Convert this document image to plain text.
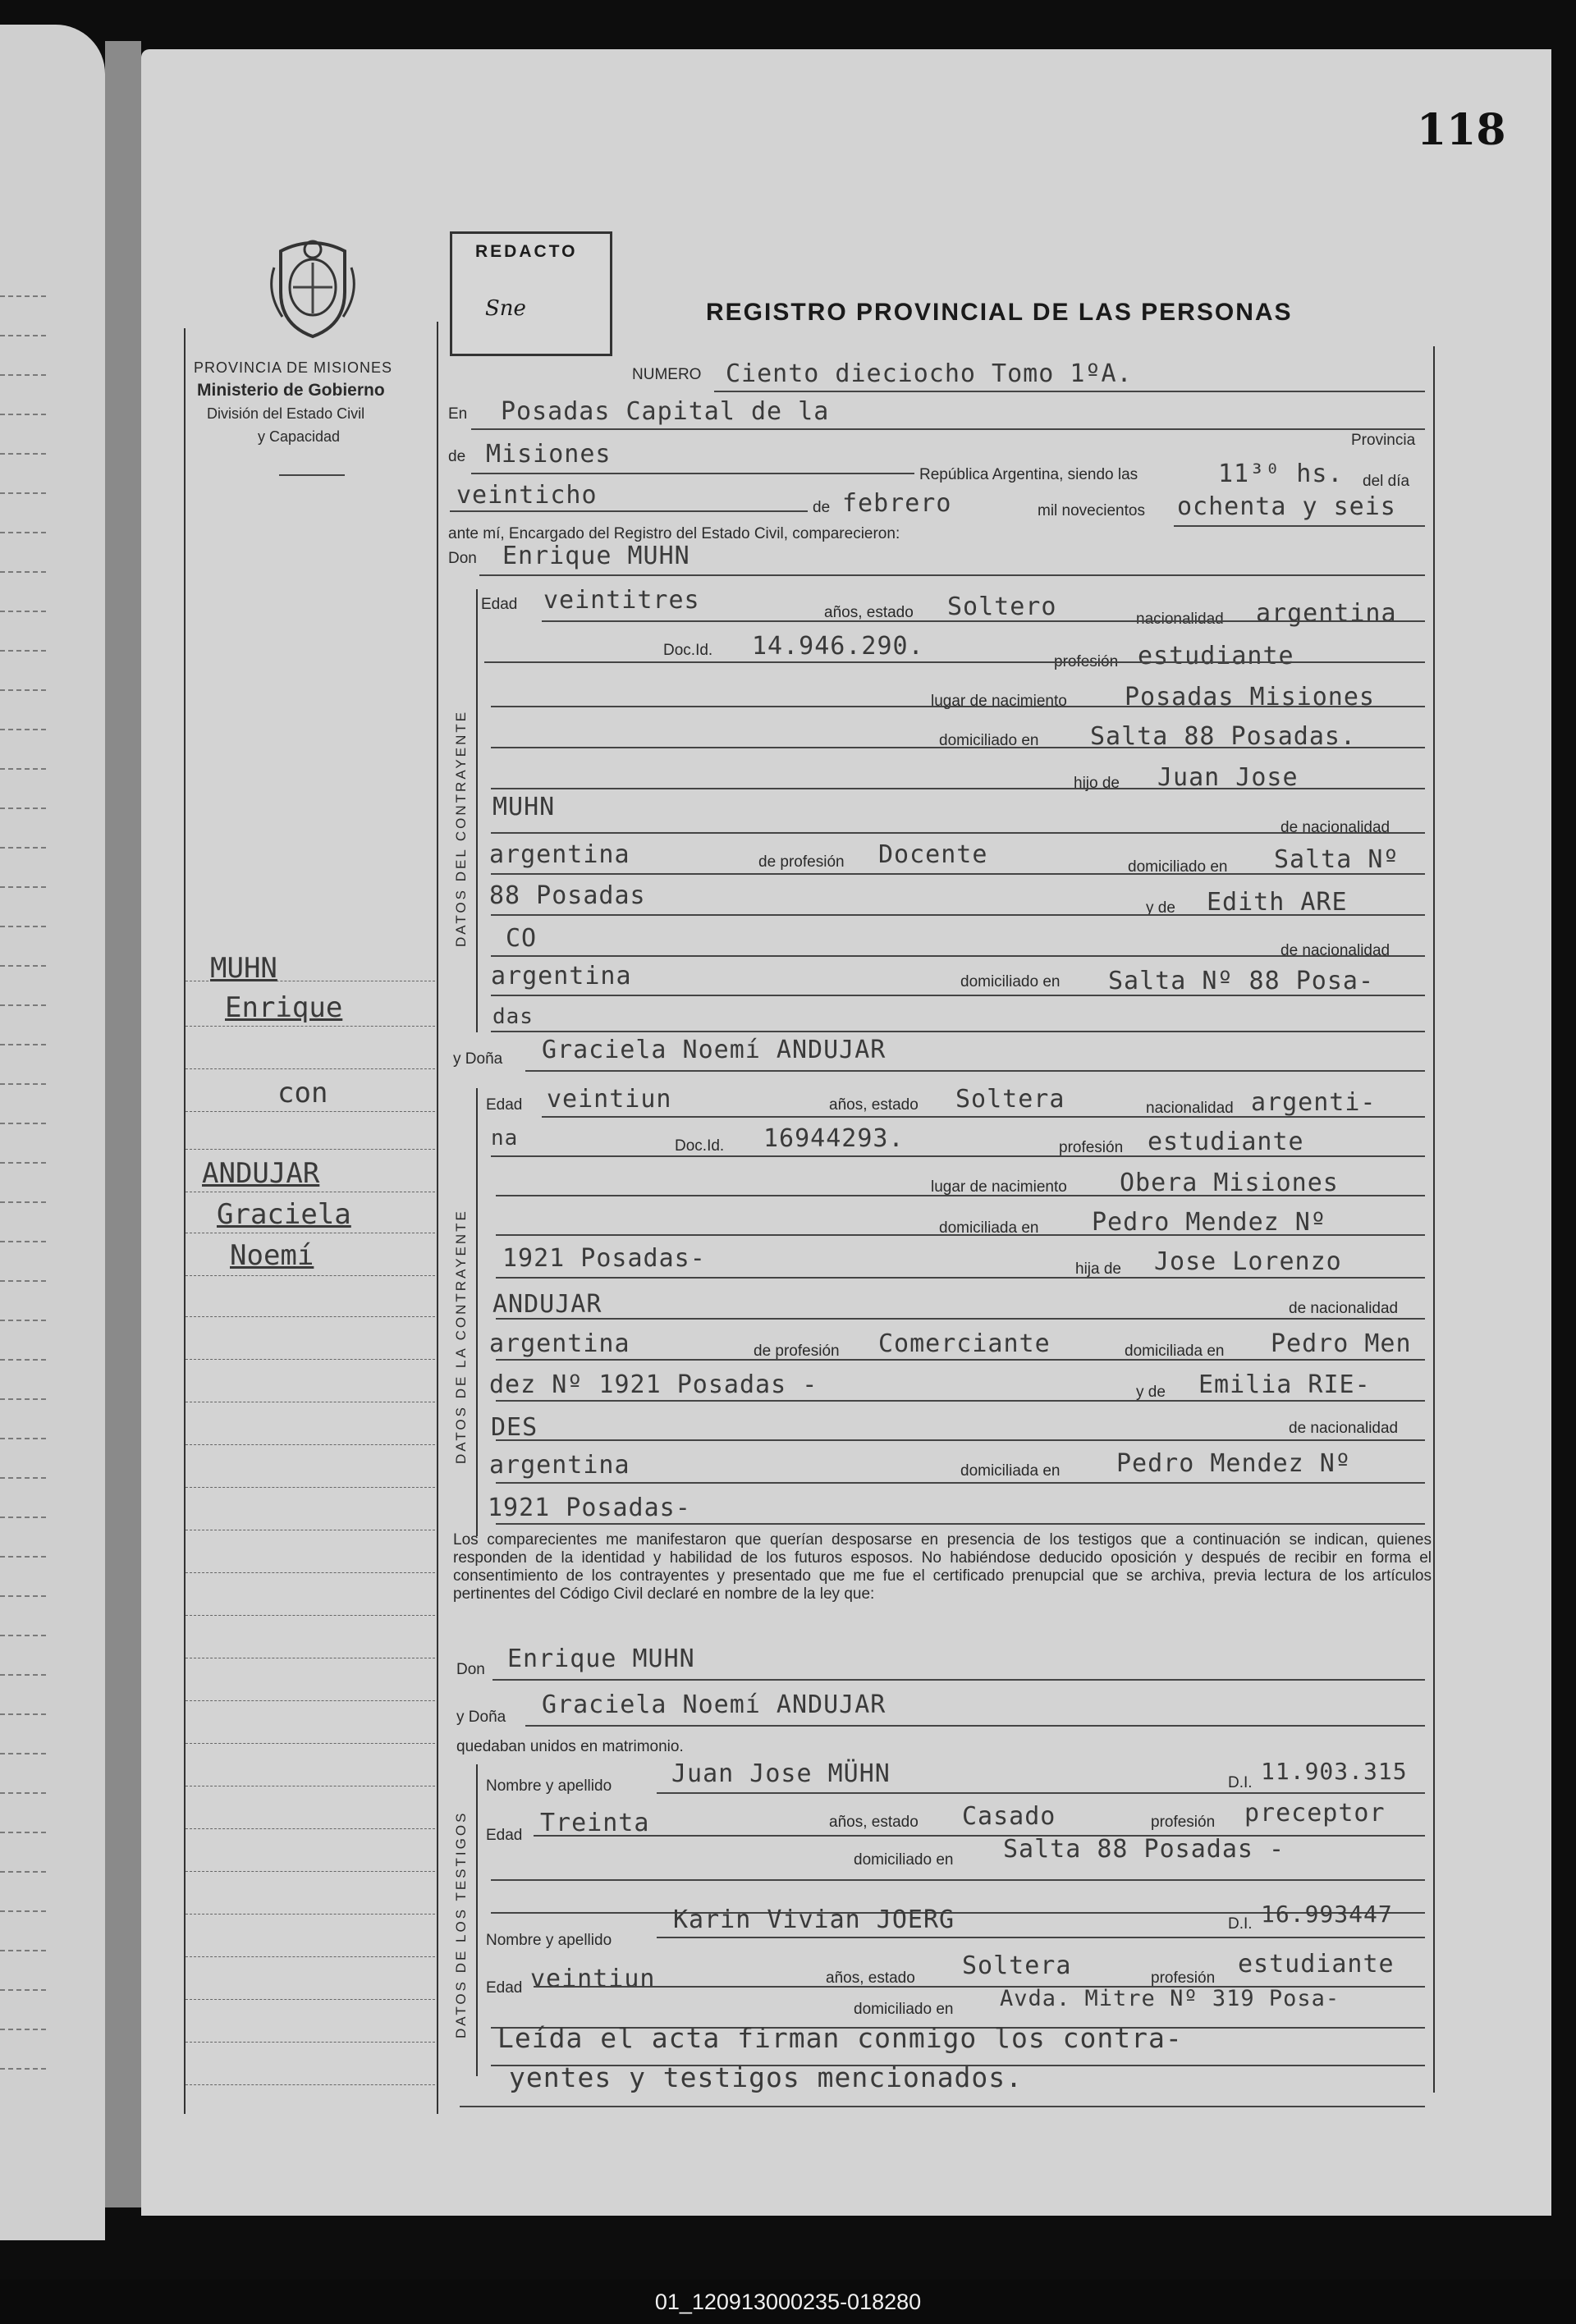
118
PROVINCIA DE MISIONES
Ministerio de Gobierno
División del Estado Civil
y Capacidad
MUHN
Enrique
con
ANDUJAR
Graciela
Noemí
REDACTO
Sne	REGISTRO PROVINCIAL DE LAS PERSONAS
NUMERO Ciento dieciocho Tomo 1ºA.
En Posadas Capital de la
Provincia
de Misiones
República Argentina, siendo las	11³⁰ hs. del día
veinticho	de febrero	mil novecientos ochenta y seis
ante mí, Encargado del Registro del Estado Civil, comparecieron:
Don Enrique MUHN
DATOS DEL CONTRAYENTE
Edad veintitres	años, estado Soltero	nacionalidad argentina
Doc.Id. 14.946.290.
profesión estudiante
lugar de nacimiento Posadas Misiones
domiciliado en Salta 88 Posadas.
hijo de Juan Jose
MUHN
de nacionalidad
argentina	de profesión Docente	domiciliado en Salta Nº
88 Posadas	y de Edith ARE
CO	de nacionalidad
argentina	domiciliado en Salta Nº 88 Posa-
das
y Doña Graciela Noemí ANDUJAR
DATOS DE LA CONTRAYENTE
Edad veintiun	años, estado Soltera	nacionalidad argenti-
na	Doc.Id. 16944293.	profesión estudiante
lugar de nacimiento Obera Misiones
domiciliada en Pedro Mendez Nº
1921 Posadas-	hija de Jose Lorenzo
ANDUJAR	de nacionalidad
argentina	de profesión Comerciante	domiciliada en Pedro Men
dez Nº 1921 Posadas -	y de Emilia RIE-
DES	de nacionalidad
argentina	domiciliada en Pedro Mendez Nº
1921 Posadas-
Los comparecientes me manifestaron que querían desposarse en presencia de los testigos que a continuación se indican, quienes responden de la identidad y habilidad de los futuros esposos. No habiéndose deducido oposición y después de recibir en forma el consentimiento de los contrayentes y presentado que me fue el certificado prenupcial que se archiva, previa lectura de los artículos pertinentes del Código Civil declaré en nombre de la ley que:
Don Enrique MUHN
y Doña Graciela Noemí ANDUJAR
quedaban unidos en matrimonio.
DATOS DE LOS TESTIGOS
Nombre y apellido Juan Jose MÜHN	D.I. 11.903.315
Edad Treinta	años, estado Casado	profesión preceptor
domiciliado en Salta 88 Posadas -
Nombre y apellido
Karin Vivian JOERG	D.I. 16.993447
Edad veintiun	años, estado Soltera	profesión estudiante
domiciliado en Avda. Mitre Nº 319 Posa-
Leída el acta firman conmigo los contra-
yentes y testigos mencionados.
01_120913000235-018280
